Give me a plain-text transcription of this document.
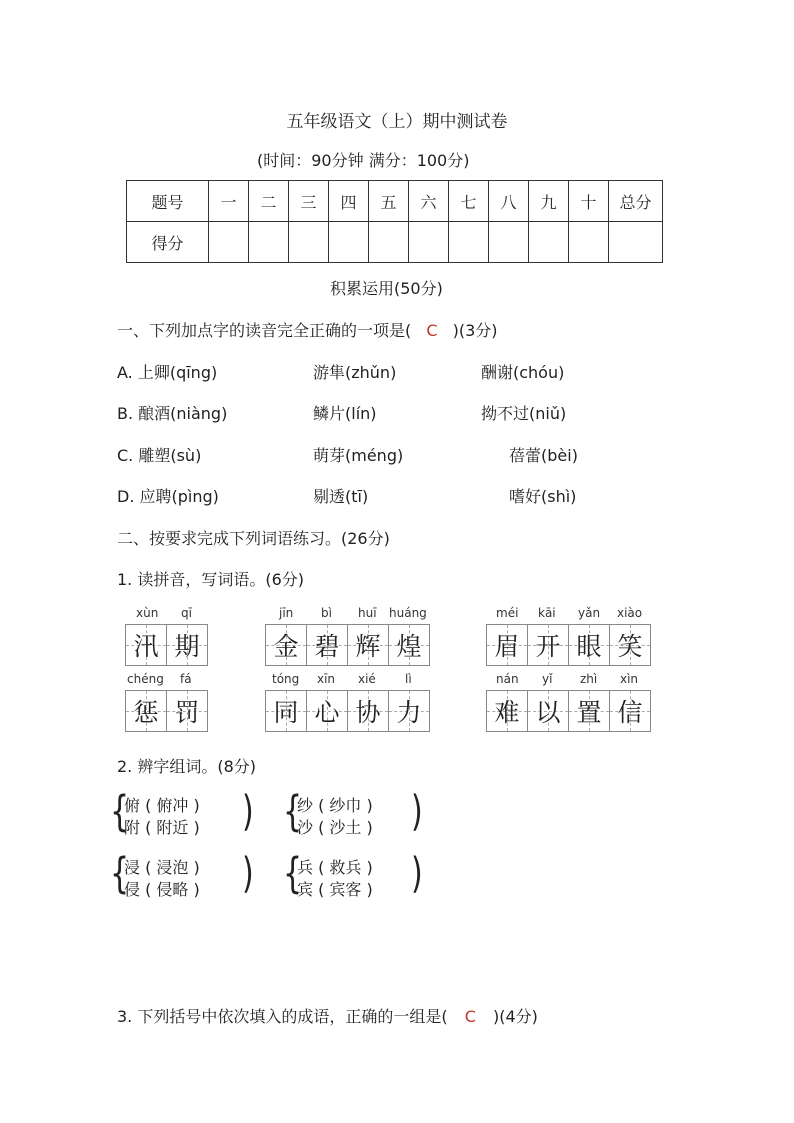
五年级语文（上）期中测试卷
(时间：90分钟 满分：100分)
题号	一	二	三	四	五	六	七	八	九	十	总分
得分											
积累运用(50分)
一、下列加点字的读音完全正确的一项是( C )(3分)
A. 上卿(qīng)	游隼(zhǔn)	酬谢(chóu)
B. 酿酒(niàng)	鳞片(lín)	拗不过(niǔ)
C. 雕塑(sù)	萌芽(méng)	蓓蕾(bèi)
D. 应聘(pìng)	剔透(tī)	嗜好(shì)
二、按要求完成下列词语练习。(26分)
1. 读拼音，写词语。(6分)
xùn qī
汛 期
jīn bì huī huáng
金 碧 辉 煌
méi kāi yǎn xiào
眉 开 眼 笑
chéng fá
惩 罚
tóng xīn xié lì
同 心 协 力
nán yǐ zhì xìn
难 以 置 信
2. 辨字组词。(8分)
{
俯 ( 俯冲 )
附 ( 附近 ) ) {
纱 ( 纱巾 )
沙 ( 沙土 ) )
{
浸 ( 浸泡 )
侵 ( 侵略 ) ) {
兵 ( 救兵 )
宾 ( 宾客 ) )
3. 下列括号中依次填入的成语，正确的一组是( C )(4分)
